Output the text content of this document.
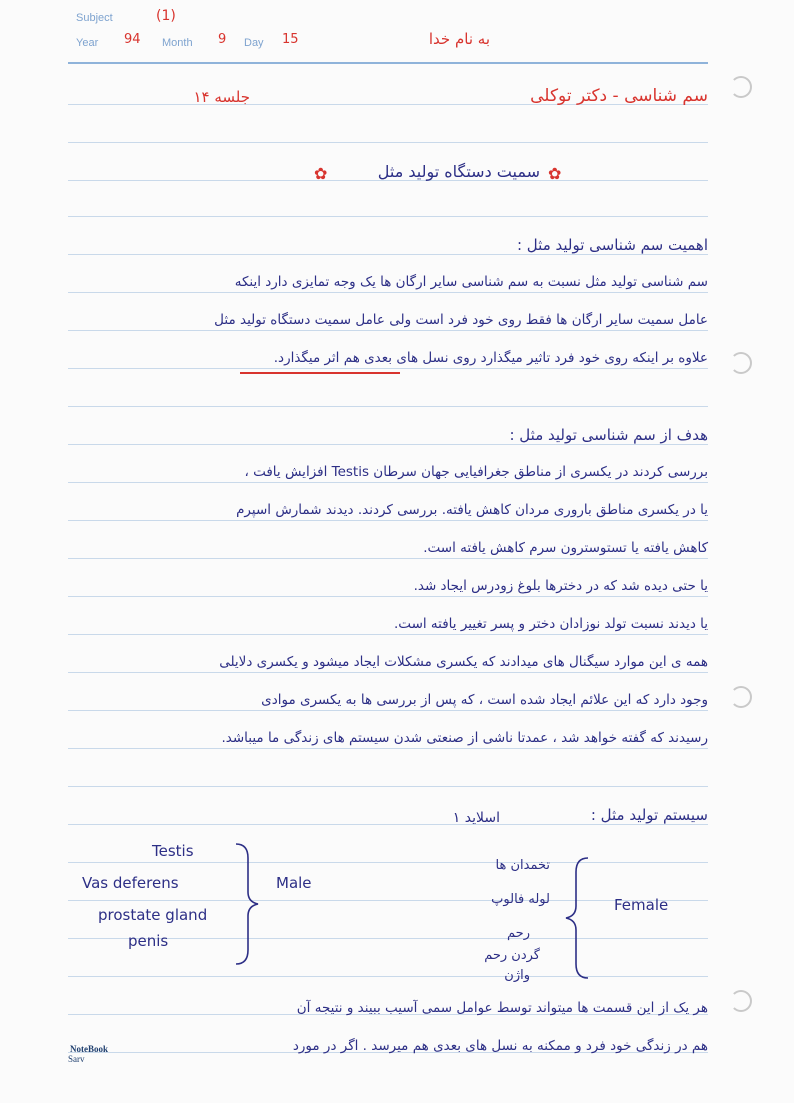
Subject	(1)
Year 94 Month 9 Day 15	به نام خدا
سم شناسی - دکتر توکلی
جلسه ۱۴
✿	سمیت دستگاه تولید مثل ✿
اهمیت سم شناسی تولید مثل :
سم شناسی تولید مثل نسبت به سم شناسی سایر ارگان ها یک وجه تمایزی دارد اینکه
عامل سمیت سایر ارگان ها فقط روی خود فرد است ولی عامل سمیت دستگاه تولید مثل
علاوه بر اینکه روی خود فرد تاثیر میگذارد روی نسل های بعدی هم اثر میگذارد.
هدف از سم شناسی تولید مثل :
بررسی کردند در یکسری از مناطق جغرافیایی جهان سرطان Testis افزایش یافت ،
یا در یکسری مناطق باروری مردان کاهش یافته. بررسی کردند. دیدند شمارش اسپرم
کاهش یافته یا تستوسترون سرم کاهش یافته است.
یا حتی دیده شد که در دخترها بلوغ زودرس ایجاد شد.
یا دیدند نسبت تولد نوزادان دختر و پسر تغییر یافته است.
همه ی این موارد سیگنال های میدادند که یکسری مشکلات ایجاد میشود و یکسری دلایلی
وجود دارد که این علائم ایجاد شده است ، که پس از بررسی ها به یکسری موادی
رسیدند که گفته خواهد شد ، عمدتا ناشی از صنعتی شدن سیستم های زندگی ما میباشد.
سیستم تولید مثل :
اسلاید ۱
Testis
Vas deferens
prostate gland
penis
Male
تخمدان ها
لوله فالوپ
رحم
گردن رحم
واژن
Female
هر یک از این قسمت ها میتواند توسط عوامل سمی آسیب ببیند و نتیجه آن
هم در زندگی خود فرد و ممکنه به نسل های بعدی هم میرسد . اگر در مورد
NoteBook
Sarv
